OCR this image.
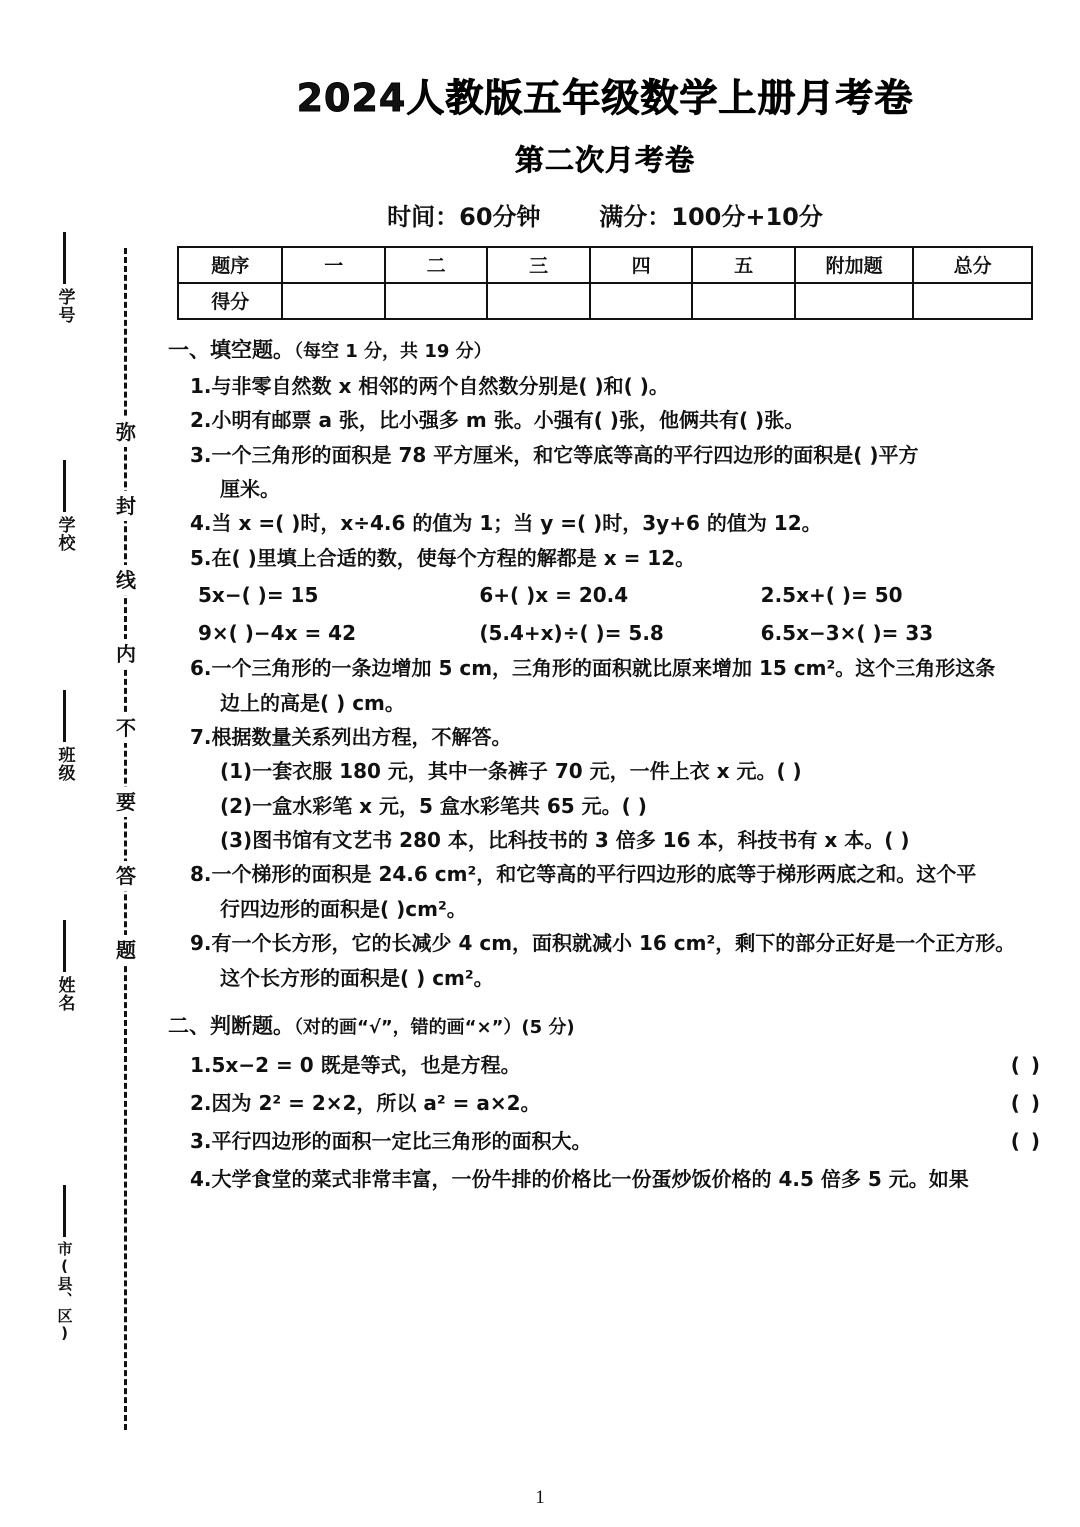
学号
学校
班级
姓名
市(县、区)
弥
封
线
内
不
要
答
题
2024人教版五年级数学上册月考卷
第二次月考卷
时间：60分钟 满分：100分+10分
题序	一	二	三	四	五	附加题	总分
得分							
一、填空题。（每空 1 分，共 19 分）
1.与非零自然数 x 相邻的两个自然数分别是( )和( )。
2.小明有邮票 a 张，比小强多 m 张。小强有( )张，他俩共有( )张。
3.一个三角形的面积是 78 平方厘米，和它等底等高的平行四边形的面积是( )平方
厘米。
4.当 x =( )时，x÷4.6 的值为 1；当 y =( )时，3y+6 的值为 12。
5.在( )里填上合适的数，使每个方程的解都是 x = 12。
5x−( )= 15	6+( )x = 20.4	2.5x+( )= 50
9×( )−4x = 42	(5.4+x)÷( )= 5.8	6.5x−3×( )= 33
6.一个三角形的一条边增加 5 cm，三角形的面积就比原来增加 15 cm²。这个三角形这条
边上的高是( ) cm。
7.根据数量关系列出方程，不解答。
(1)一套衣服 180 元，其中一条裤子 70 元，一件上衣 x 元。( )
(2)一盒水彩笔 x 元，5 盒水彩笔共 65 元。( )
(3)图书馆有文艺书 280 本，比科技书的 3 倍多 16 本，科技书有 x 本。( )
8.一个梯形的面积是 24.6 cm²，和它等高的平行四边形的底等于梯形两底之和。这个平
行四边形的面积是( )cm²。
9.有一个长方形，它的长减少 4 cm，面积就减小 16 cm²，剩下的部分正好是一个正方形。
这个长方形的面积是( ) cm²。
二、判断题。（对的画“√”，错的画“×”）(5 分)
1.5x−2 = 0 既是等式，也是方程。	( )
2.因为 2² = 2×2，所以 a² = a×2。	( )
3.平行四边形的面积一定比三角形的面积大。	( )
4.大学食堂的菜式非常丰富，一份牛排的价格比一份蛋炒饭价格的 4.5 倍多 5 元。如果
1
